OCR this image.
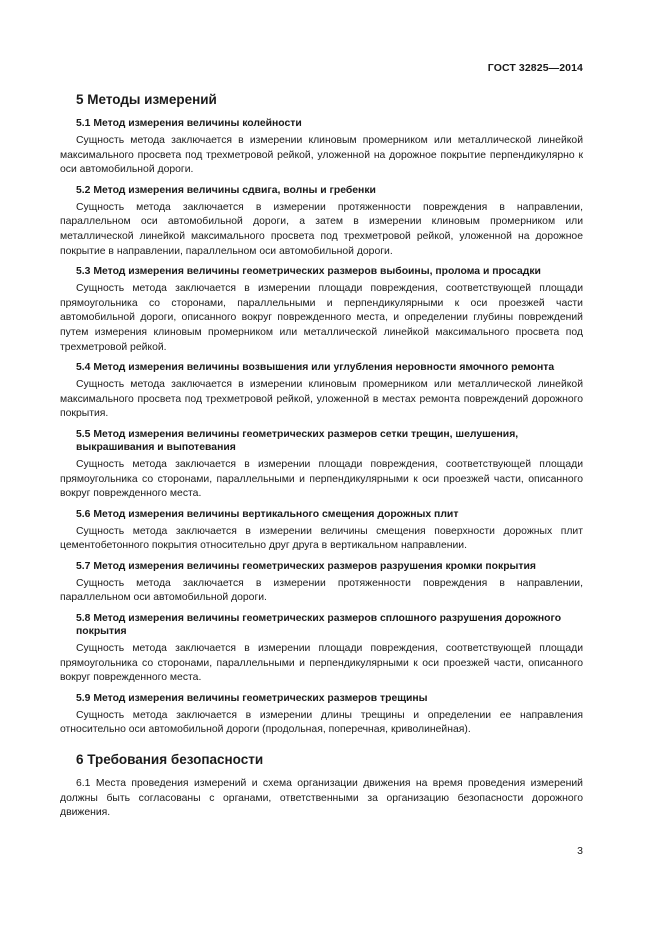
ГОСТ 32825—2014
5 Методы измерений
5.1 Метод измерения величины колейности
Сущность метода заключается в измерении клиновым промерником или металлической линейкой максимального просвета под трехметровой рейкой, уложенной на дорожное покрытие перпендикулярно к оси автомобильной дороги.
5.2 Метод измерения величины сдвига, волны и гребенки
Сущность метода заключается в измерении протяженности повреждения в направлении, параллельном оси автомобильной дороги, а затем в измерении клиновым промерником или металлической линейкой максимального просвета под трехметровой рейкой, уложенной на дорожное покрытие в направлении, параллельном оси автомобильной дороги.
5.3 Метод измерения величины геометрических размеров выбоины, пролома и просадки
Сущность метода заключается в измерении площади повреждения, соответствующей площади прямоугольника со сторонами, параллельными и перпендикулярными к оси проезжей части автомобильной дороги, описанного вокруг поврежденного места, и определении глубины повреждений путем измерения клиновым промерником или металлической линейкой максимального просвета под трехметровой рейкой.
5.4 Метод измерения величины возвышения или углубления неровности ямочного ремонта
Сущность метода заключается в измерении клиновым промерником или металлической линейкой максимального просвета под трехметровой рейкой, уложенной в местах ремонта повреждений дорожного покрытия.
5.5 Метод измерения величины геометрических размеров сетки трещин, шелушения, выкрашивания и выпотевания
Сущность метода заключается в измерении площади повреждения, соответствующей площади прямоугольника со сторонами, параллельными и перпендикулярными к оси проезжей части, описанного вокруг поврежденного места.
5.6 Метод измерения величины вертикального смещения дорожных плит
Сущность метода заключается в измерении величины смещения поверхности дорожных плит цементобетонного покрытия относительно друг друга в вертикальном направлении.
5.7 Метод измерения величины геометрических размеров разрушения кромки покрытия
Сущность метода заключается в измерении протяженности повреждения в направлении, параллельном оси автомобильной дороги.
5.8 Метод измерения величины геометрических размеров сплошного разрушения дорожного покрытия
Сущность метода заключается в измерении площади повреждения, соответствующей площади прямоугольника со сторонами, параллельными и перпендикулярными к оси проезжей части, описанного вокруг поврежденного места.
5.9 Метод измерения величины геометрических размеров трещины
Сущность метода заключается в измерении длины трещины и определении ее направления относительно оси автомобильной дороги (продольная, поперечная, криволинейная).
6 Требования безопасности
6.1 Места проведения измерений и схема организации движения на время проведения измерений должны быть согласованы с органами, ответственными за организацию безопасности дорожного движения.
3
